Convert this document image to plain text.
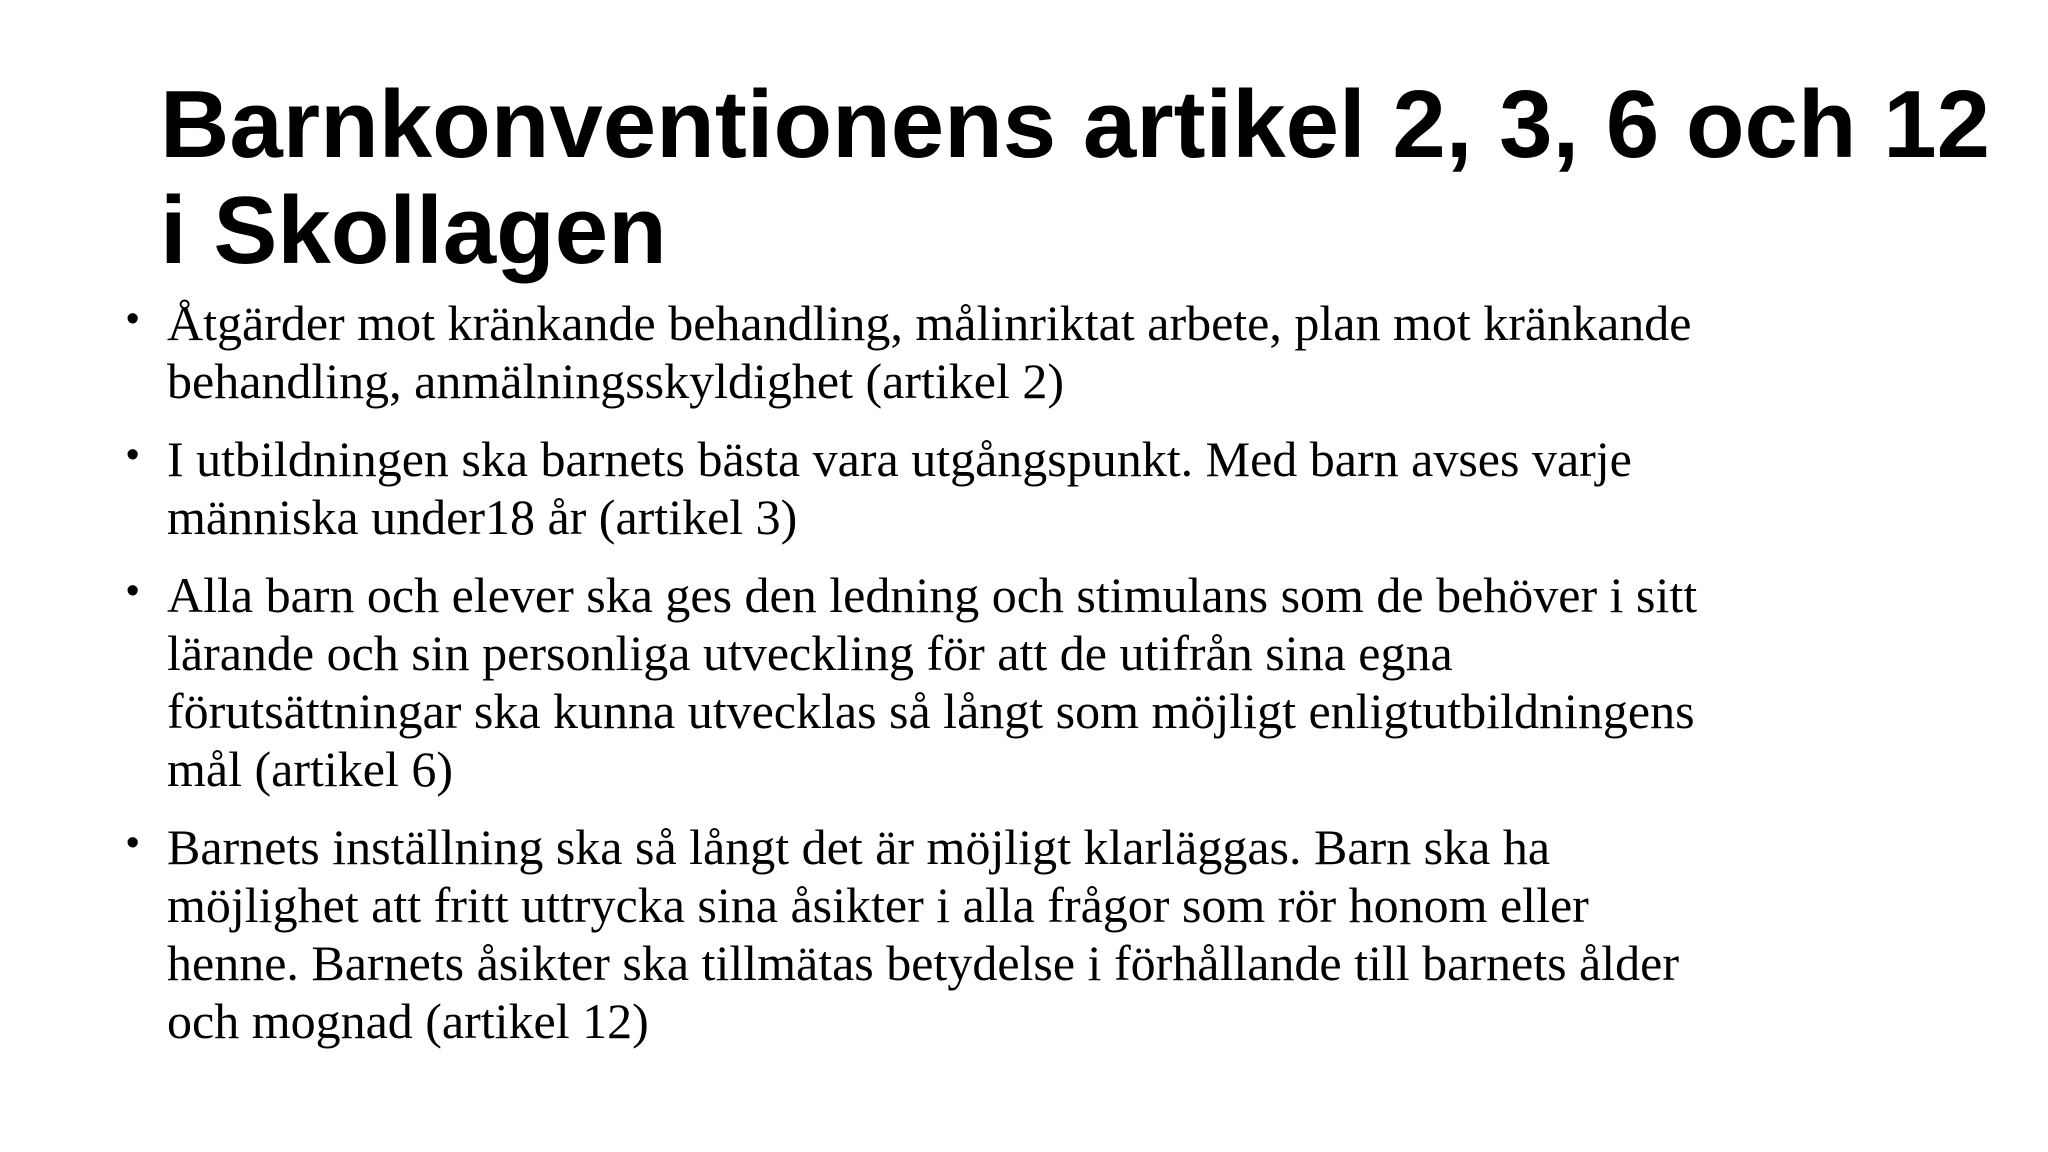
Barnkonventionens artikel 2, 3, 6 och 12
i Skollagen
• Åtgärder mot kränkande behandling, målinriktat arbete, plan mot kränkande
behandling, anmälningsskyldighet (artikel 2)
• I utbildningen ska barnets bästa vara utgångspunkt. Med barn avses varje
människa under18 år (artikel 3)
• Alla barn och elever ska ges den ledning och stimulans som de behöver i sitt
lärande och sin personliga utveckling för att de utifrån sina egna
förutsättningar ska kunna utvecklas så långt som möjligt enligtutbildningens
mål (artikel 6)
• Barnets inställning ska så långt det är möjligt klarläggas. Barn ska ha
möjlighet att fritt uttrycka sina åsikter i alla frågor som rör honom eller
henne. Barnets åsikter ska tillmätas betydelse i förhållande till barnets ålder
och mognad (artikel 12)
